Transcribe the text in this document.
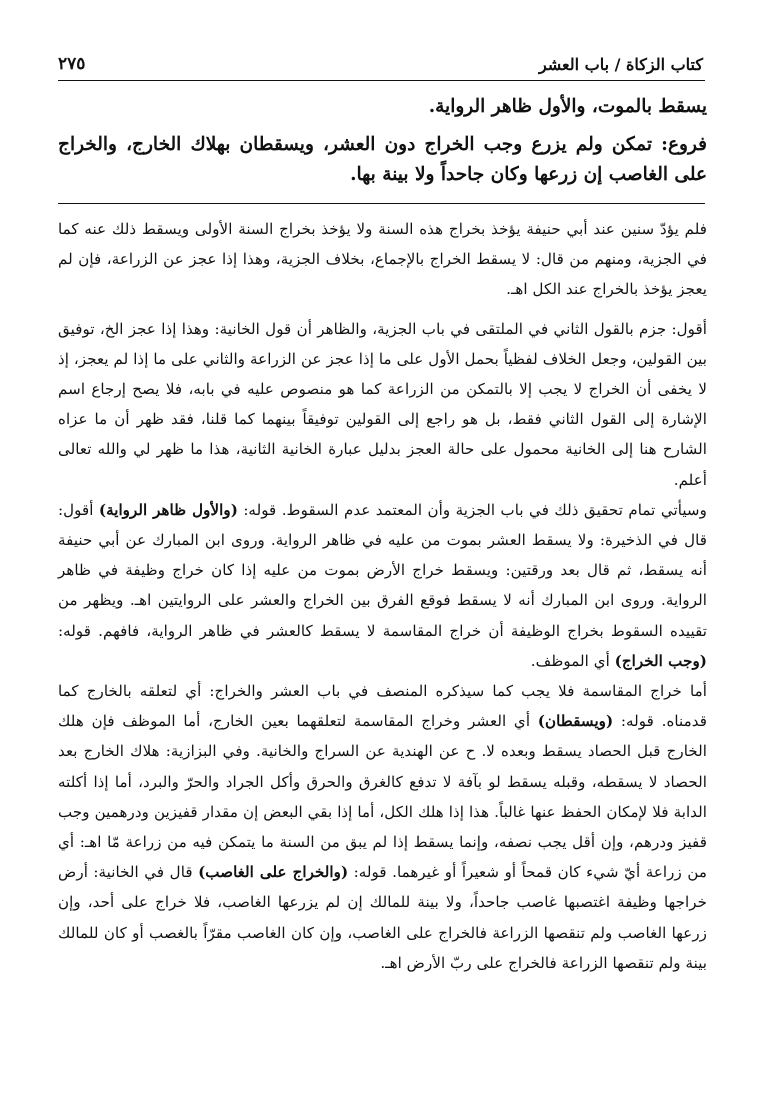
كتاب الزكاة / باب العشر
٢٧٥

يسقط بالموت، والأول ظاهر الرواية.

فروع: تمكن ولم يزرع وجب الخراج دون العشر، ويسقطان بهلاك الخارج، والخراج على الغاصب إن زرعها وكان جاحداً ولا بينة بها.

فلم يؤدّ سنين عند أبي حنيفة يؤخذ بخراج هذه السنة ولا يؤخذ بخراج السنة الأولى ويسقط ذلك عنه كما في الجزية، ومنهم من قال: لا يسقط الخراج بالإجماع، بخلاف الجزية، وهذا إذا عجز عن الزراعة، فإن لم يعجز يؤخذ بالخراج عند الكل اهـ.

أقول: جزم بالقول الثاني في الملتقى في باب الجزية، والظاهر أن قول الخانية: وهذا إذا عجز الخ، توفيق بين القولين، وجعل الخلاف لفظياً بحمل الأول على ما إذا عجز عن الزراعة والثاني على ما إذا لم يعجز، إذ لا يخفى أن الخراج لا يجب إلا بالتمكن من الزراعة كما هو منصوص عليه في بابه، فلا يصح إرجاع اسم الإشارة إلى القول الثاني فقط، بل هو راجع إلى القولين توفيقاً بينهما كما قلنا، فقد ظهر أن ما عزاه الشارح هنا إلى الخانية محمول على حالة العجز بدليل عبارة الخانية الثانية، هذا ما ظهر لي والله تعالى أعلم.

وسيأتي تمام تحقيق ذلك في باب الجزية وأن المعتمد عدم السقوط. قوله: (والأول ظاهر الرواية) أقول: قال في الذخيرة: ولا يسقط العشر بموت من عليه في ظاهر الرواية. وروى ابن المبارك عن أبي حنيفة أنه يسقط، ثم قال بعد ورقتين: ويسقط خراج الأرض بموت من عليه إذا كان خراج وظيفة في ظاهر الرواية. وروى ابن المبارك أنه لا يسقط فوقع الفرق بين الخراج والعشر على الروايتين اهـ. ويظهر من تقييده السقوط بخراج الوظيفة أن خراج المقاسمة لا يسقط كالعشر في ظاهر الرواية، فافهم. قوله: (وجب الخراج) أي الموظف.

أما خراج المقاسمة فلا يجب كما سيذكره المنصف في باب العشر والخراج: أي لتعلقه بالخارج كما قدمناه. قوله: (ويسقطان) أي العشر وخراج المقاسمة لتعلقهما بعين الخارج، أما الموظف فإن هلك الخارج قبل الحصاد يسقط وبعده لا. ح عن الهندية عن السراج والخانية. وفي البزازية: هلاك الخارج بعد الحصاد لا يسقطه، وقبله يسقط لو بآفة لا تدفع كالغرق والحرق وأكل الجراد والحرّ والبرد، أما إذا أكلته الدابة فلا لإمكان الحفظ عنها غالباً. هذا إذا هلك الكل، أما إذا بقي البعض إن مقدار قفيزين ودرهمين وجب قفيز ودرهم، وإن أقل يجب نصفه، وإنما يسقط إذا لم يبق من السنة ما يتمكن فيه من زراعة مّا اهـ: أي من زراعة أيّ شيء كان قمحاً أو شعيراً أو غيرهما. قوله: (والخراج على الغاصب) قال في الخانية: أرض خراجها وظيفة اغتصبها غاصب جاحداً، ولا بينة للمالك إن لم يزرعها الغاصب، فلا خراج على أحد، وإن زرعها الغاصب ولم تنقصها الزراعة فالخراج على الغاصب، وإن كان الغاصب مقرّاً بالغصب أو كان للمالك بينة ولم تنقصها الزراعة فالخراج على ربّ الأرض اهـ.
